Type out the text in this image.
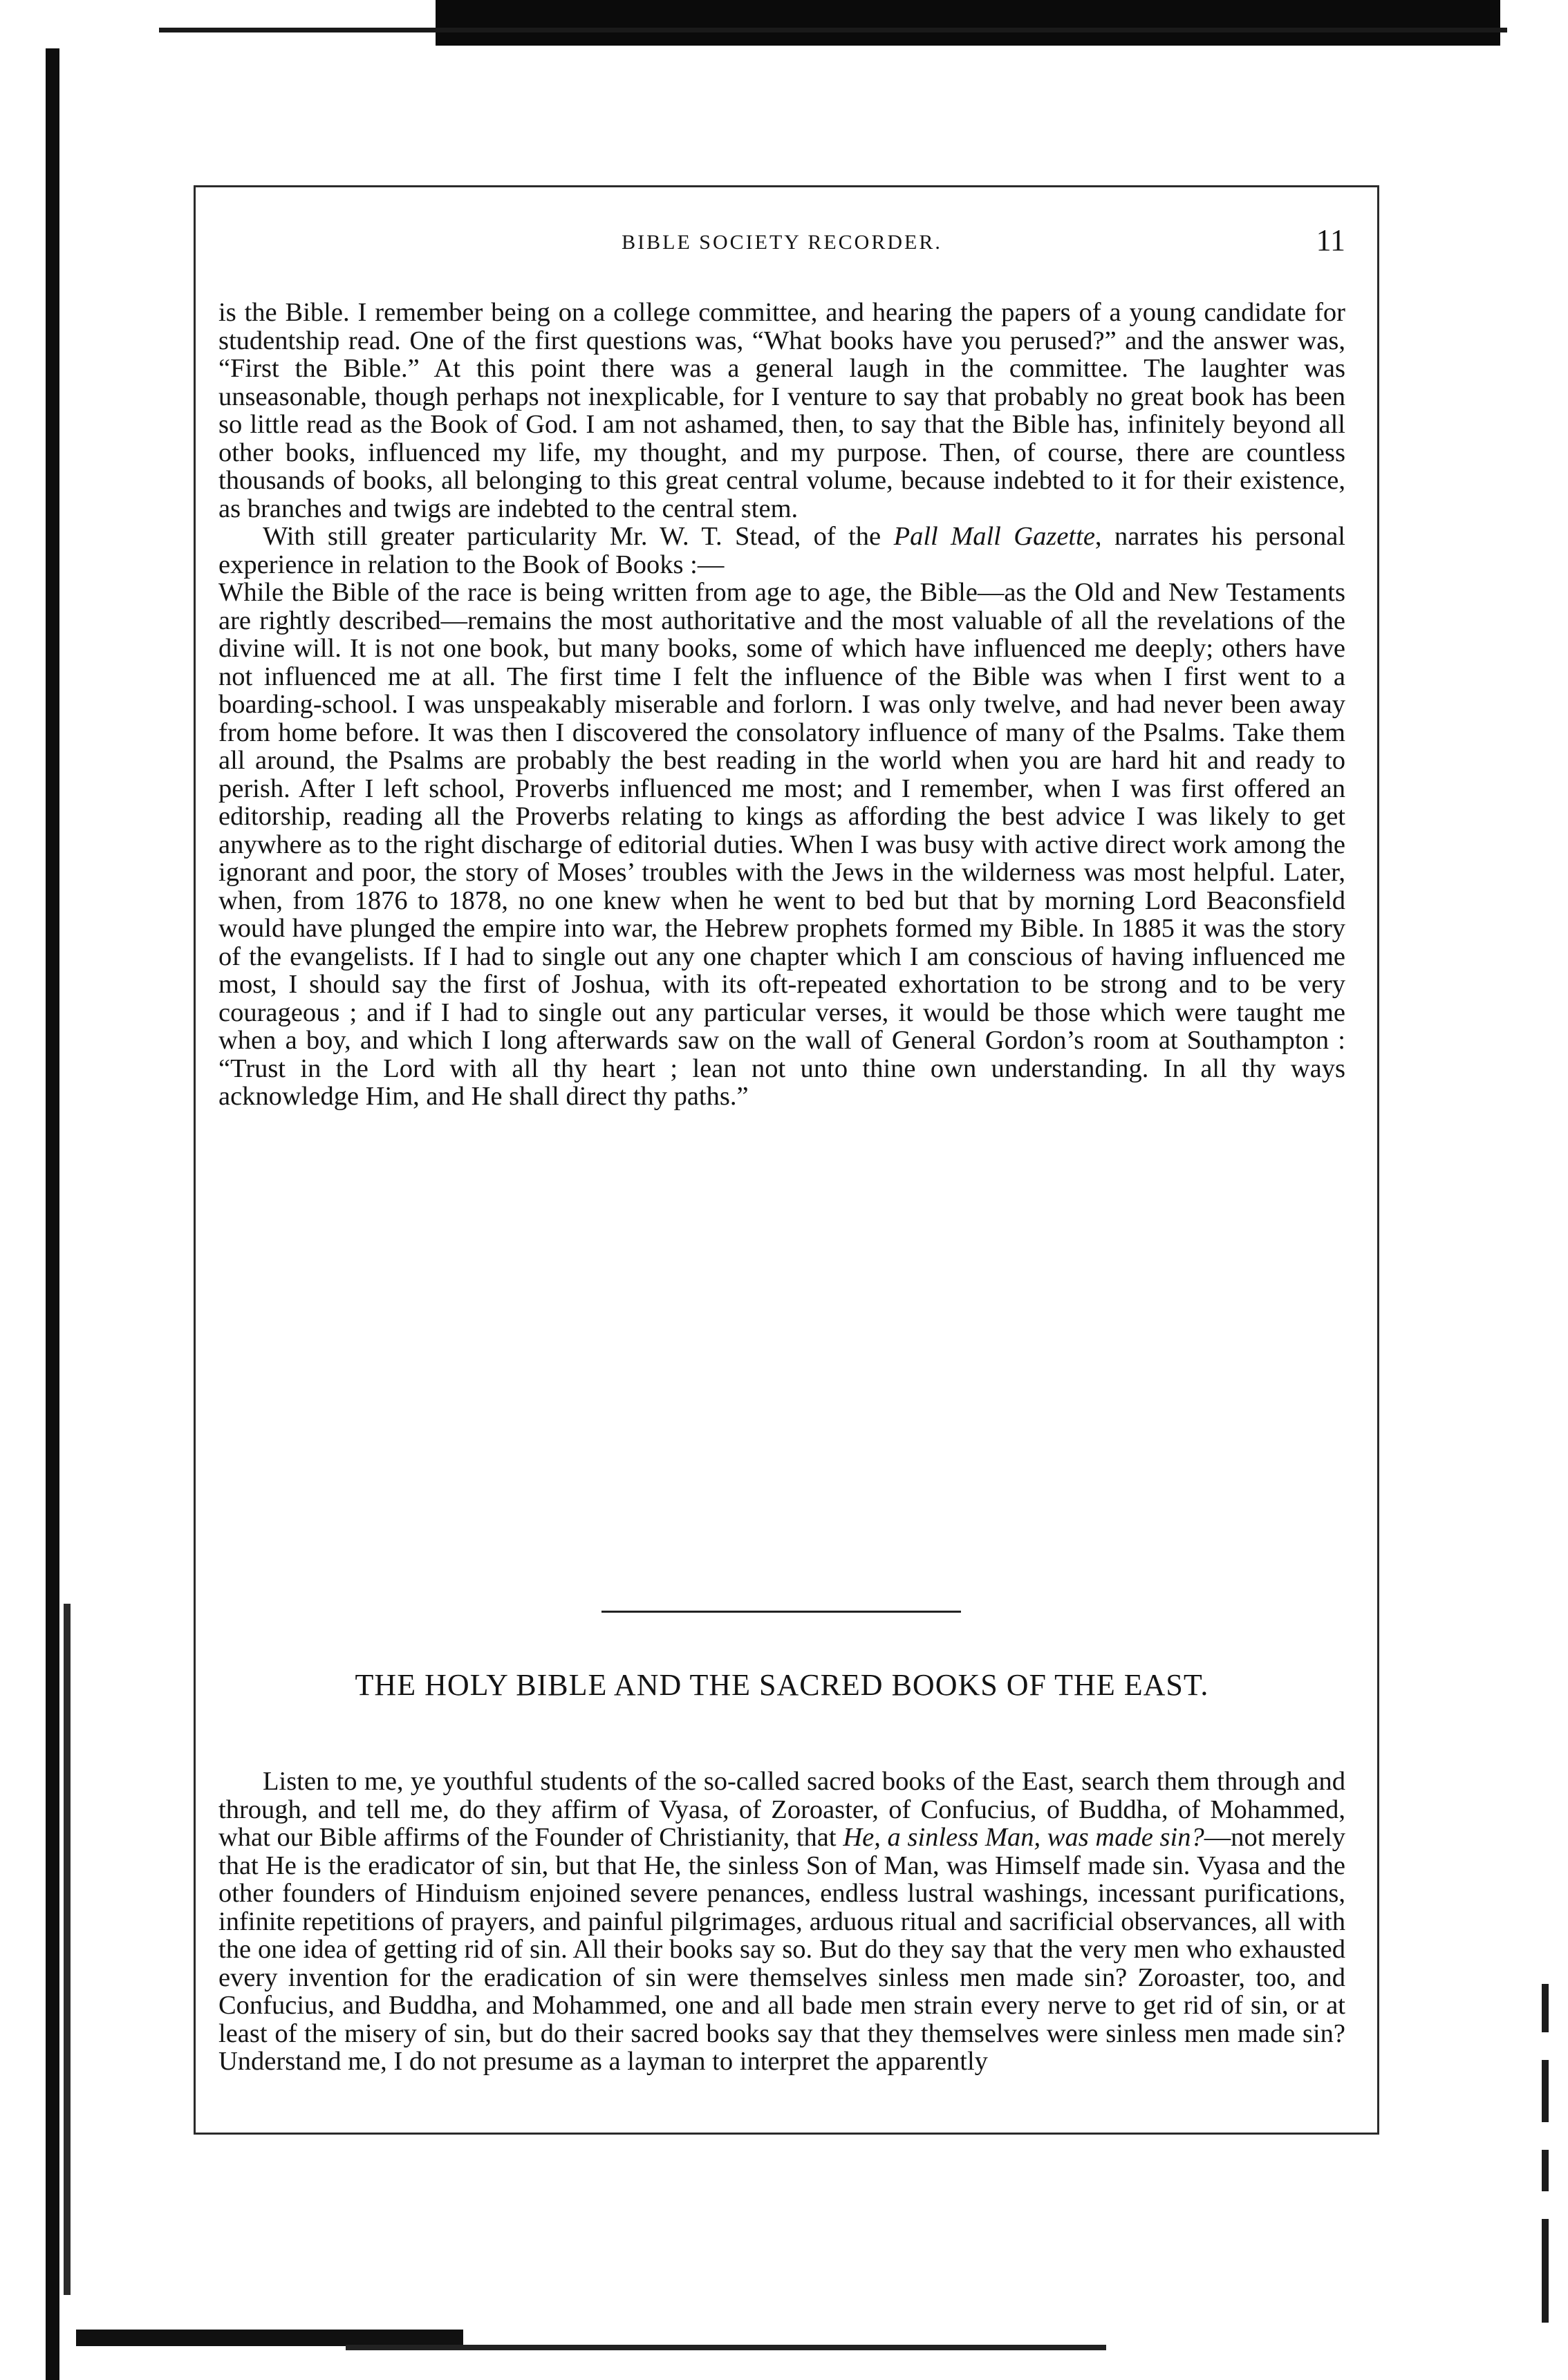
BIBLE SOCIETY RECORDER.	11

is the Bible. I remember being on a college committee, and hearing the papers of a young candidate for studentship read. One of the first questions was, “What books have you perused?” and the answer was, “First the Bible.” At this point there was a general laugh in the committee. The laughter was unseasonable, though perhaps not inexplicable, for I venture to say that probably no great book has been so little read as the Book of God. I am not ashamed, then, to say that the Bible has, infinitely beyond all other books, influenced my life, my thought, and my purpose. Then, of course, there are countless thousands of books, all belonging to this great central volume, because indebted to it for their existence, as branches and twigs are indebted to the central stem.

With still greater particularity Mr. W. T. Stead, of the Pall Mall Gazette, narrates his personal experience in relation to the Book of Books :—

While the Bible of the race is being written from age to age, the Bible—as the Old and New Testaments are rightly described—remains the most authoritative and the most valuable of all the revelations of the divine will. It is not one book, but many books, some of which have influenced me deeply; others have not influenced me at all. The first time I felt the influence of the Bible was when I first went to a boarding-school. I was unspeakably miserable and forlorn. I was only twelve, and had never been away from home before. It was then I discovered the consolatory influence of many of the Psalms. Take them all around, the Psalms are probably the best reading in the world when you are hard hit and ready to perish. After I left school, Proverbs influenced me most; and I remember, when I was first offered an editorship, reading all the Proverbs relating to kings as affording the best advice I was likely to get anywhere as to the right discharge of editorial duties. When I was busy with active direct work among the ignorant and poor, the story of Moses’ troubles with the Jews in the wilderness was most helpful. Later, when, from 1876 to 1878, no one knew when he went to bed but that by morning Lord Beaconsfield would have plunged the empire into war, the Hebrew prophets formed my Bible. In 1885 it was the story of the evangelists. If I had to single out any one chapter which I am conscious of having influenced me most, I should say the first of Joshua, with its oft-repeated exhortation to be strong and to be very courageous ; and if I had to single out any particular verses, it would be those which were taught me when a boy, and which I long afterwards saw on the wall of General Gordon’s room at Southampton : “Trust in the Lord with all thy heart ; lean not unto thine own understanding. In all thy ways acknowledge Him, and He shall direct thy paths.”

THE HOLY BIBLE AND THE SACRED BOOKS OF THE EAST.

Listen to me, ye youthful students of the so-called sacred books of the East, search them through and through, and tell me, do they affirm of Vyasa, of Zoroaster, of Confucius, of Buddha, of Mohammed, what our Bible affirms of the Founder of Christianity, that He, a sinless Man, was made sin?—not merely that He is the eradicator of sin, but that He, the sinless Son of Man, was Himself made sin. Vyasa and the other founders of Hinduism enjoined severe penances, endless lustral washings, incessant purifications, infinite repetitions of prayers, and painful pilgrimages, arduous ritual and sacrificial observances, all with the one idea of getting rid of sin. All their books say so. But do they say that the very men who exhausted every invention for the eradication of sin were themselves sinless men made sin? Zoroaster, too, and Confucius, and Buddha, and Mohammed, one and all bade men strain every nerve to get rid of sin, or at least of the misery of sin, but do their sacred books say that they themselves were sinless men made sin? Understand me, I do not presume as a layman to interpret the apparently
